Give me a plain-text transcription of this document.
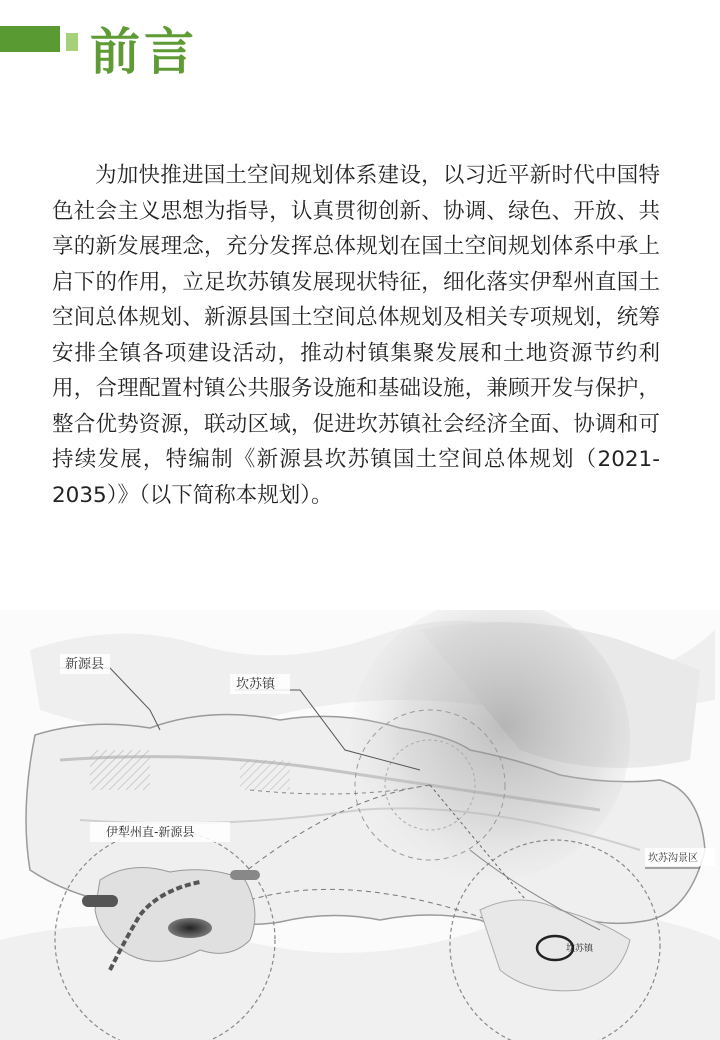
前言

为加快推进国土空间规划体系建设，以习近平新时代中国特色社会主义思想为指导，认真贯彻创新、协调、绿色、开放、共享的新发展理念，充分发挥总体规划在国土空间规划体系中承上启下的作用，立足坎苏镇发展现状特征，细化落实伊犁州直国土空间总体规划、新源县国土空间总体规划及相关专项规划，统筹安排全镇各项建设活动，推动村镇集聚发展和土地资源节约利用，合理配置村镇公共服务设施和基础设施，兼顾开发与保护，整合优势资源，联动区域，促进坎苏镇社会经济全面、协调和可持续发展，特编制《新源县坎苏镇国土空间总体规划（2021-2035）》（以下简称本规划）。

新源县
坎苏镇
伊犁州直-新源县
坎苏沟景区
坎苏镇
